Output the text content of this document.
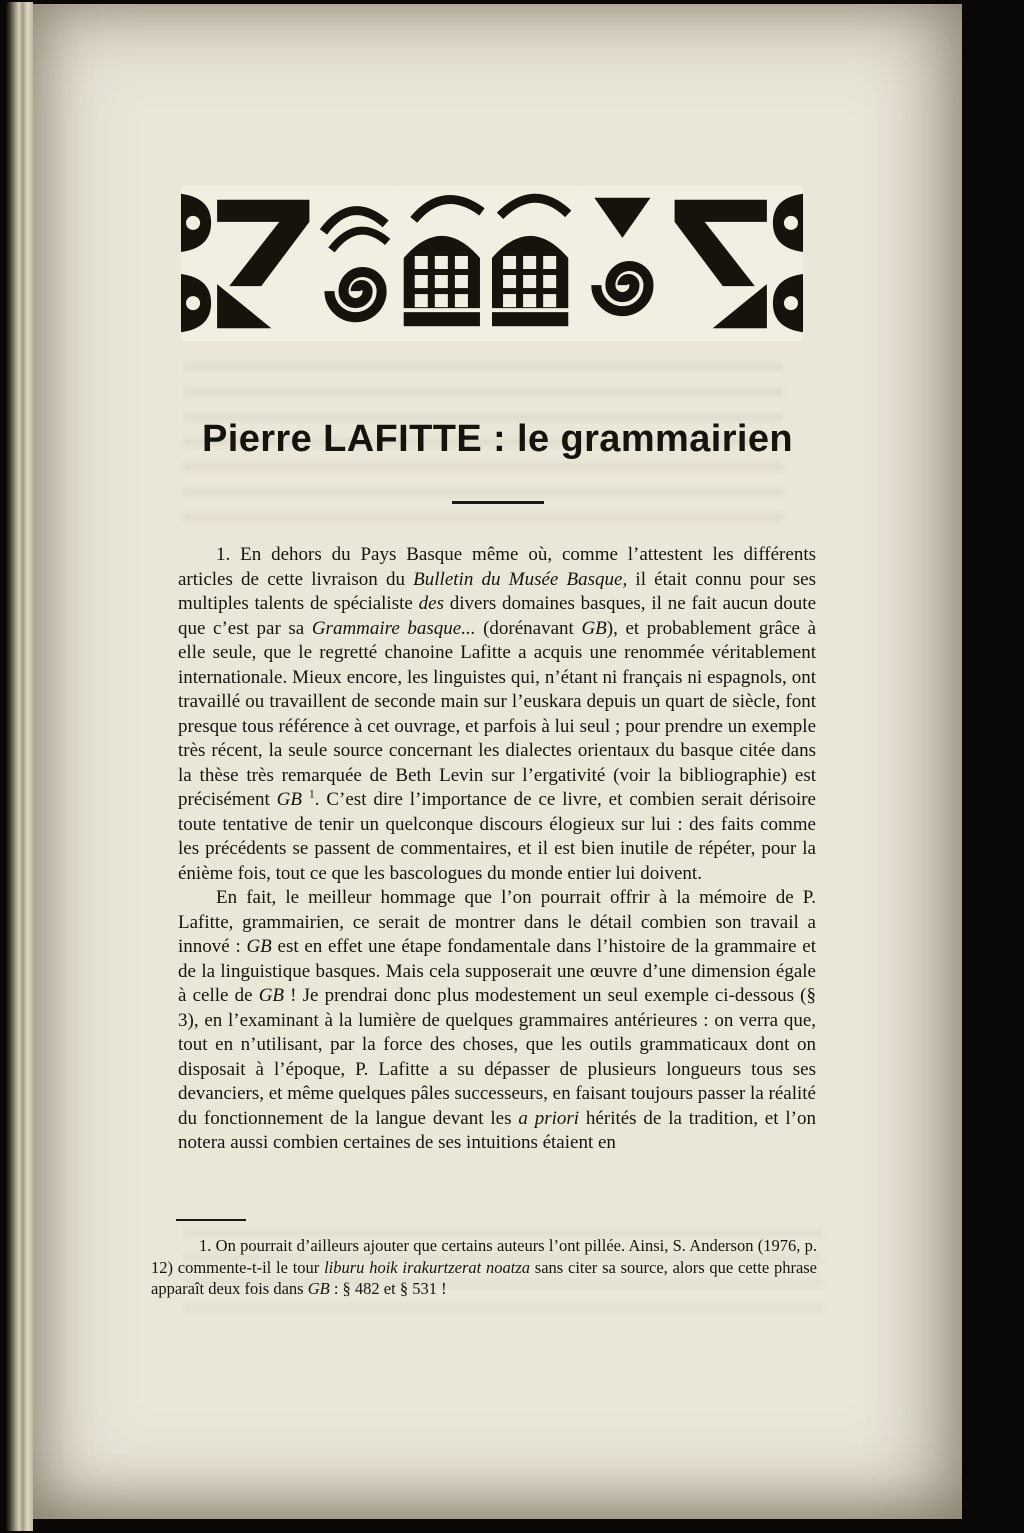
Pierre LAFITTE : le grammairien

1. En dehors du Pays Basque même où, comme l’attestent les différents articles de cette livraison du Bulletin du Musée Basque, il était connu pour ses multiples talents de spécialiste des divers domaines basques, il ne fait aucun doute que c’est par sa Grammaire basque... (dorénavant GB), et probablement grâce à elle seule, que le regretté chanoine Lafitte a acquis une renommée véritablement internationale. Mieux encore, les linguistes qui, n’étant ni français ni espagnols, ont travaillé ou travaillent de seconde main sur l’euskara depuis un quart de siècle, font presque tous référence à cet ouvrage, et parfois à lui seul ; pour prendre un exemple très récent, la seule source concernant les dialectes orientaux du basque citée dans la thèse très remarquée de Beth Levin sur l’ergativité (voir la bibliographie) est précisément GB $^1$. C’est dire l’importance de ce livre, et combien serait dérisoire toute tentative de tenir un quelconque discours élogieux sur lui : des faits comme les précédents se passent de commentaires, et il est bien inutile de répéter, pour la énième fois, tout ce que les bascologues du monde entier lui doivent.

En fait, le meilleur hommage que l’on pourrait offrir à la mémoire de P. Lafitte, grammairien, ce serait de montrer dans le détail combien son travail a innové : GB est en effet une étape fondamentale dans l’histoire de la grammaire et de la linguistique basques. Mais cela supposerait une œuvre d’une dimension égale à celle de GB ! Je prendrai donc plus modestement un seul exemple ci-dessous (§ 3), en l’examinant à la lumière de quelques grammaires antérieures : on verra que, tout en n’utilisant, par la force des choses, que les outils grammaticaux dont on disposait à l’époque, P. Lafitte a su dépasser de plusieurs longueurs tous ses devanciers, et même quelques pâles successeurs, en faisant toujours passer la réalité du fonctionnement de la langue devant les a priori hérités de la tradition, et l’on notera aussi combien certaines de ses intuitions étaient en

1. On pourrait d’ailleurs ajouter que certains auteurs l’ont pillée. Ainsi, S. Anderson (1976, p. 12) commente-t-il le tour liburu hoik irakurtzerat noatza sans citer sa source, alors que cette phrase apparaît deux fois dans GB : § 482 et § 531 !
